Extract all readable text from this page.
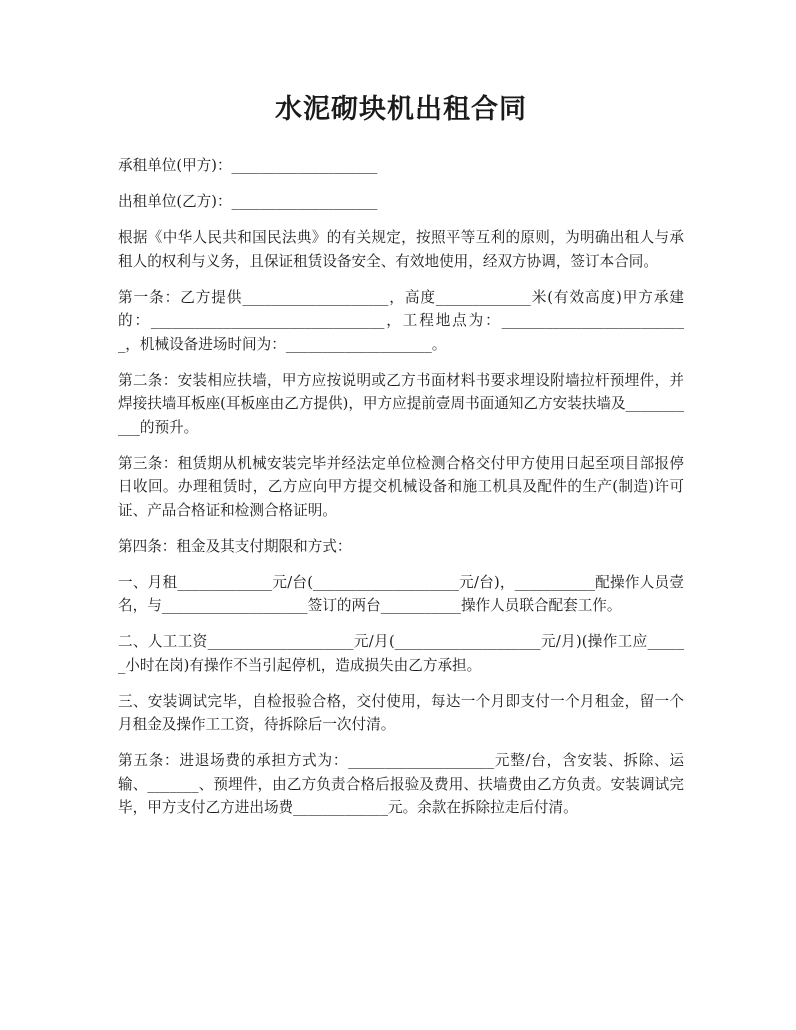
水泥砌块机出租合同

承租单位(甲方)：____________________

出租单位(乙方)：____________________

根据《中华人民共和国民法典》的有关规定，按照平等互利的原则，为明确出租人与承租人的权利与义务，且保证租赁设备安全、有效地使用，经双方协调，签订本合同。

第一条：乙方提供____________________，高度_____________米(有效高度)甲方承建的：________________________________，工程地点为：__________________________，机械设备进场时间为：____________________。

第二条：安装相应扶墙，甲方应按说明或乙方书面材料书要求埋设附墙拉杆预埋件，并焊接扶墙耳板座(耳板座由乙方提供)，甲方应提前壹周书面通知乙方安装扶墙及___________的预升。

第三条：租赁期从机械安装完毕并经法定单位检测合格交付甲方使用日起至项目部报停日收回。办理租赁时，乙方应向甲方提交机械设备和施工机具及配件的生产(制造)许可证、产品合格证和检测合格证明。

第四条：租金及其支付期限和方式：

一、月租_____________元/台(____________________元/台)，___________配操作人员壹名，与____________________签订的两台___________操作人员联合配套工作。

二、人工工资____________________元/月(____________________元/月)(操作工应______小时在岗)有操作不当引起停机，造成损失由乙方承担。

三、安装调试完毕，自检报验合格，交付使用，每达一个月即支付一个月租金，留一个月租金及操作工工资，待拆除后一次付清。

第五条：进退场费的承担方式为：____________________元整/台，含安装、拆除、运输、_______、预埋件，由乙方负责合格后报验及费用、扶墙费由乙方负责。安装调试完毕，甲方支付乙方进出场费_____________元。余款在拆除拉走后付清。
